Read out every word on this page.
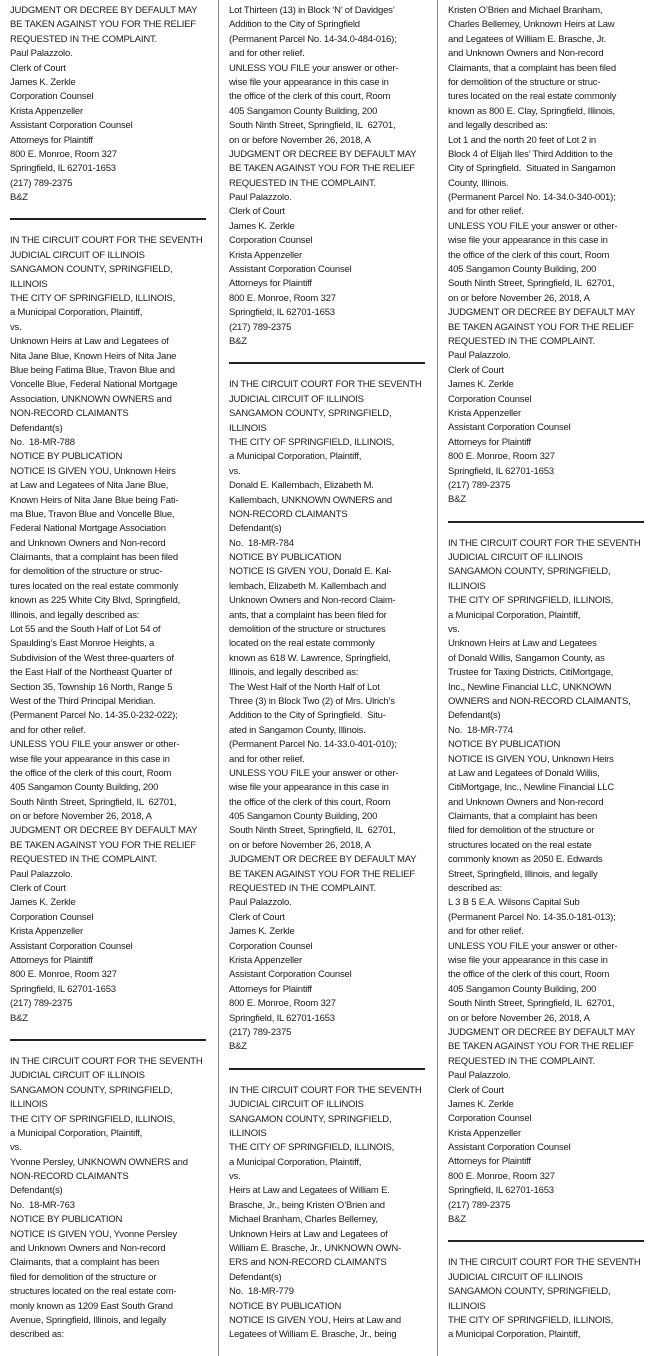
JUDGMENT OR DECREE BY DEFAULT MAY
BE TAKEN AGAINST YOU FOR THE RELIEF
REQUESTED IN THE COMPLAINT.
Paul Palazzolo.
Clerk of Court
James K. Zerkle
Corporation Counsel
Krista Appenzeller
Assistant Corporation Counsel
Attorneys for Plaintiff
800 E. Monroe, Room 327
Springfield, IL 62701-1653
(217) 789-2375
B&Z
IN THE CIRCUIT COURT FOR THE SEVENTH
JUDICIAL CIRCUIT OF ILLINOIS
SANGAMON COUNTY, SPRINGFIELD,
ILLINOIS
THE CITY OF SPRINGFIELD, ILLINOIS,
a Municipal Corporation, Plaintiff,
vs.
Unknown Heirs at Law and Legatees of
Nita Jane Blue, Known Heirs of Nita Jane
Blue being Fatima Blue, Travon Blue and
Voncelle Blue, Federal National Mortgage
Association, UNKNOWN OWNERS and
NON-RECORD CLAIMANTS
Defendant(s)
No.  18-MR-788
NOTICE BY PUBLICATION
NOTICE IS GIVEN YOU, Unknown Heirs
at Law and Legatees of Nita Jane Blue,
Known Heirs of Nita Jane Blue being Fati-
ma Blue, Travon Blue and Voncelle Blue,
Federal National Mortgage Association
and Unknown Owners and Non-record
Claimants, that a complaint has been filed
for demolition of the structure or struc-
tures located on the real estate commonly
known as 225 White City Blvd, Springfield,
Illinois, and legally described as:
Lot 55 and the South Half of Lot 54 of
Spaulding’s East Monroe Heights, a
Subdivision of the West three-quarters of
the East Half of the Northeast Quarter of
Section 35, Township 16 North, Range 5
West of the Third Principal Meridian.
(Permanent Parcel No. 14-35.0-232-022);
and for other relief.
UNLESS YOU FILE your answer or other-
wise file your appearance in this case in
the office of the clerk of this court, Room
405 Sangamon County Building, 200
South Ninth Street, Springfield, IL  62701,
on or before November 26, 2018, A
JUDGMENT OR DECREE BY DEFAULT MAY
BE TAKEN AGAINST YOU FOR THE RELIEF
REQUESTED IN THE COMPLAINT.
Paul Palazzolo.
Clerk of Court
James K. Zerkle
Corporation Counsel
Krista Appenzeller
Assistant Corporation Counsel
Attorneys for Plaintiff
800 E. Monroe, Room 327
Springfield, IL 62701-1653
(217) 789-2375
B&Z
IN THE CIRCUIT COURT FOR THE SEVENTH
JUDICIAL CIRCUIT OF ILLINOIS
SANGAMON COUNTY, SPRINGFIELD,
ILLINOIS
THE CITY OF SPRINGFIELD, ILLINOIS,
a Municipal Corporation, Plaintiff,
vs.
Yvonne Persley, UNKNOWN OWNERS and
NON-RECORD CLAIMANTS
Defendant(s)
No.  18-MR-763
NOTICE BY PUBLICATION
NOTICE IS GIVEN YOU, Yvonne Persley
and Unknown Owners and Non-record
Claimants, that a complaint has been
filed for demolition of the structure or
structures located on the real estate com-
monly known as 1209 East South Grand
Avenue, Springfield, Illinois, and legally
described as:
Lot Thirteen (13) in Block ‘N’ of Davidges’
Addition to the City of Springfield
(Permanent Parcel No. 14-34.0-484-016);
and for other relief.
UNLESS YOU FILE your answer or other-
wise file your appearance in this case in
the office of the clerk of this court, Room
405 Sangamon County Building, 200
South Ninth Street, Springfield, IL  62701,
on or before November 26, 2018, A
JUDGMENT OR DECREE BY DEFAULT MAY
BE TAKEN AGAINST YOU FOR THE RELIEF
REQUESTED IN THE COMPLAINT.
Paul Palazzolo.
Clerk of Court
James K. Zerkle
Corporation Counsel
Krista Appenzeller
Assistant Corporation Counsel
Attorneys for Plaintiff
800 E. Monroe, Room 327
Springfield, IL 62701-1653
(217) 789-2375
B&Z
IN THE CIRCUIT COURT FOR THE SEVENTH
JUDICIAL CIRCUIT OF ILLINOIS
SANGAMON COUNTY, SPRINGFIELD,
ILLINOIS
THE CITY OF SPRINGFIELD, ILLINOIS,
a Municipal Corporation, Plaintiff,
vs.
Donald E. Kallembach, Elizabeth M.
Kallembach, UNKNOWN OWNERS and
NON-RECORD CLAIMANTS
Defendant(s)
No.  18-MR-784
NOTICE BY PUBLICATION
NOTICE IS GIVEN YOU, Donald E. Kal-
lembach, Elizabeth M. Kallembach and
Unknown Owners and Non-record Claim-
ants, that a complaint has been filed for
demolition of the structure or structures
located on the real estate commonly
known as 618 W. Lawrence, Springfield,
Illinois, and legally described as:
The West Half of the North Half of Lot
Three (3) in Block Two (2) of Mrs. Ulrich’s
Addition to the City of Springfield.  Situ-
ated in Sangamon County, Illinois.
(Permanent Parcel No. 14-33.0-401-010);
and for other relief.
UNLESS YOU FILE your answer or other-
wise file your appearance in this case in
the office of the clerk of this court, Room
405 Sangamon County Building, 200
South Ninth Street, Springfield, IL  62701,
on or before November 26, 2018, A
JUDGMENT OR DECREE BY DEFAULT MAY
BE TAKEN AGAINST YOU FOR THE RELIEF
REQUESTED IN THE COMPLAINT.
Paul Palazzolo.
Clerk of Court
James K. Zerkle
Corporation Counsel
Krista Appenzeller
Assistant Corporation Counsel
Attorneys for Plaintiff
800 E. Monroe, Room 327
Springfield, IL 62701-1653
(217) 789-2375
B&Z
IN THE CIRCUIT COURT FOR THE SEVENTH
JUDICIAL CIRCUIT OF ILLINOIS
SANGAMON COUNTY, SPRINGFIELD,
ILLINOIS
THE CITY OF SPRINGFIELD, ILLINOIS,
a Municipal Corporation, Plaintiff,
vs.
Heirs at Law and Legatees of William E.
Brasche, Jr., being Kristen O’Brien and
Michael Branham, Charles Bellemey,
Unknown Heirs at Law and Legatees of
William E. Brasche, Jr., UNKNOWN OWN-
ERS and NON-RECORD CLAIMANTS
Defendant(s)
No.  18-MR-779
NOTICE BY PUBLICATION
NOTICE IS GIVEN YOU, Heirs at Law and
Legatees of William E. Brasche, Jr., being
Kristen O’Brien and Michael Branham,
Charles Bellemey, Unknown Heirs at Law
and Legatees of William E. Brasche, Jr.
and Unknown Owners and Non-record
Claimants, that a complaint has been filed
for demolition of the structure or struc-
tures located on the real estate commonly
known as 800 E. Clay, Springfield, Illinois,
and legally described as:
Lot 1 and the north 20 feet of Lot 2 in
Block 4 of Elijah Iles’ Third Addition to the
City of Springfield.  Situated in Sangamon
County, Illinois.
(Permanent Parcel No. 14-34.0-340-001);
and for other relief.
UNLESS YOU FILE your answer or other-
wise file your appearance in this case in
the office of the clerk of this court, Room
405 Sangamon County Building, 200
South Ninth Street, Springfield, IL  62701,
on or before November 26, 2018, A
JUDGMENT OR DECREE BY DEFAULT MAY
BE TAKEN AGAINST YOU FOR THE RELIEF
REQUESTED IN THE COMPLAINT.
Paul Palazzolo.
Clerk of Court
James K. Zerkle
Corporation Counsel
Krista Appenzeller
Assistant Corporation Counsel
Attorneys for Plaintiff
800 E. Monroe, Room 327
Springfield, IL 62701-1653
(217) 789-2375
B&Z
IN THE CIRCUIT COURT FOR THE SEVENTH
JUDICIAL CIRCUIT OF ILLINOIS
SANGAMON COUNTY, SPRINGFIELD,
ILLINOIS
THE CITY OF SPRINGFIELD, ILLINOIS,
a Municipal Corporation, Plaintiff,
vs.
Unknown Heirs at Law and Legatees
of Donald Willis, Sangamon County, as
Trustee for Taxing Districts, CitiMortgage,
Inc., Newline Financial LLC, UNKNOWN
OWNERS and NON-RECORD CLAIMANTS,
Defendant(s)
No.  18-MR-774
NOTICE BY PUBLICATION
NOTICE IS GIVEN YOU, Unknown Heirs
at Law and Legatees of Donald Willis,
CitiMortgage, Inc., Newline Financial LLC
and Unknown Owners and Non-record
Claimants, that a complaint has been
filed for demolition of the structure or
structures located on the real estate
commonly known as 2050 E. Edwards
Street, Springfield, Illinois, and legally
described as:
L 3 B 5 E.A. Wilsons Capital Sub
(Permanent Parcel No. 14-35.0-181-013);
and for other relief.
UNLESS YOU FILE your answer or other-
wise file your appearance in this case in
the office of the clerk of this court, Room
405 Sangamon County Building, 200
South Ninth Street, Springfield, IL  62701,
on or before November 26, 2018, A
JUDGMENT OR DECREE BY DEFAULT MAY
BE TAKEN AGAINST YOU FOR THE RELIEF
REQUESTED IN THE COMPLAINT.
Paul Palazzolo.
Clerk of Court
James K. Zerkle
Corporation Counsel
Krista Appenzeller
Assistant Corporation Counsel
Attorneys for Plaintiff
800 E. Monroe, Room 327
Springfield, IL 62701-1653
(217) 789-2375
B&Z
IN THE CIRCUIT COURT FOR THE SEVENTH
JUDICIAL CIRCUIT OF ILLINOIS
SANGAMON COUNTY, SPRINGFIELD,
ILLINOIS
THE CITY OF SPRINGFIELD, ILLINOIS,
a Municipal Corporation, Plaintiff,
